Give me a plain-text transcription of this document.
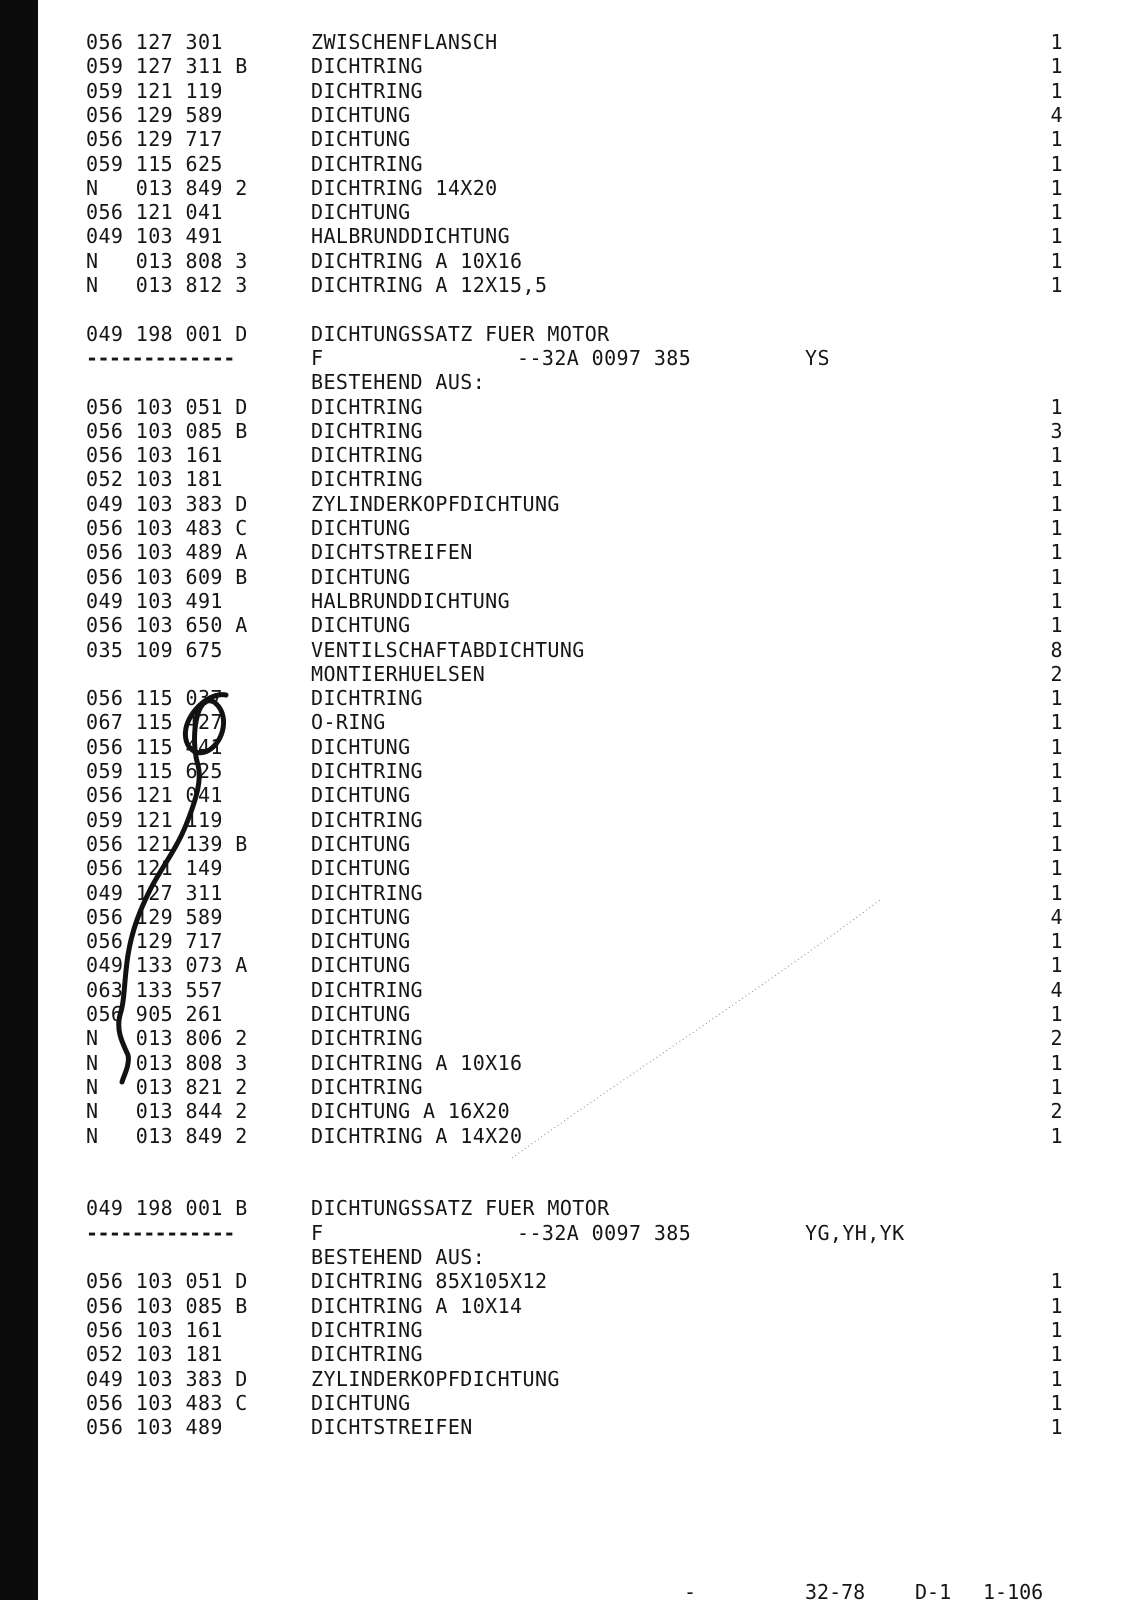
056 127 301	ZWISCHENFLANSCH	1
059 127 311 B	DICHTRING	1
059 121 119	DICHTRING	1
056 129 589	DICHTUNG	4
056 129 717	DICHTUNG	1
059 115 625	DICHTRING	1
N   013 849 2	DICHTRING 14X20	1
056 121 041	DICHTUNG	1
049 103 491	HALBRUNDDICHTUNG	1
N   013 808 3	DICHTRING A 10X16	1
N   013 812 3	DICHTRING A 12X15,5	1
049 198 001 D	DICHTUNGSSATZ FUER MOTOR
-------------	F	--32A 0097 385	YS
BESTEHEND AUS:
056 103 051 D	DICHTRING	1
056 103 085 B	DICHTRING	3
056 103 161	DICHTRING	1
052 103 181	DICHTRING	1
049 103 383 D	ZYLINDERKOPFDICHTUNG	1
056 103 483 C	DICHTUNG	1
056 103 489 A	DICHTSTREIFEN	1
056 103 609 B	DICHTUNG	1
049 103 491	HALBRUNDDICHTUNG	1
056 103 650 A	DICHTUNG	1
035 109 675	VENTILSCHAFTABDICHTUNG	8

MONTIERHUELSEN	2
056 115 037	DICHTRING	1
067 115 427	O-RING	1
056 115 441	DICHTUNG	1
059 115 625	DICHTRING	1
056 121 041	DICHTUNG	1
059 121 119	DICHTRING	1
056 121 139 B	DICHTUNG	1
056 121 149	DICHTUNG	1
049 127 311	DICHTRING	1
056 129 589	DICHTUNG	4
056 129 717	DICHTUNG	1
049 133 073 A	DICHTUNG	1
063 133 557	DICHTRING	4
056 905 261	DICHTUNG	1
N   013 806 2	DICHTRING	2
N   013 808 3	DICHTRING A 10X16	1
N   013 821 2	DICHTRING	1
N   013 844 2	DICHTUNG A 16X20	2
N   013 849 2	DICHTRING A 14X20	1
049 198 001 B	DICHTUNGSSATZ FUER MOTOR
-------------	F	--32A 0097 385	YG,YH,YK
BESTEHEND AUS:
056 103 051 D	DICHTRING 85X105X12	1
056 103 085 B	DICHTRING A 10X14	1
056 103 161	DICHTRING	1
052 103 181	DICHTRING	1
049 103 383 D	ZYLINDERKOPFDICHTUNG	1
056 103 483 C	DICHTUNG	1
056 103 489	DICHTSTREIFEN	1
-	32-78 D-1 1-106
